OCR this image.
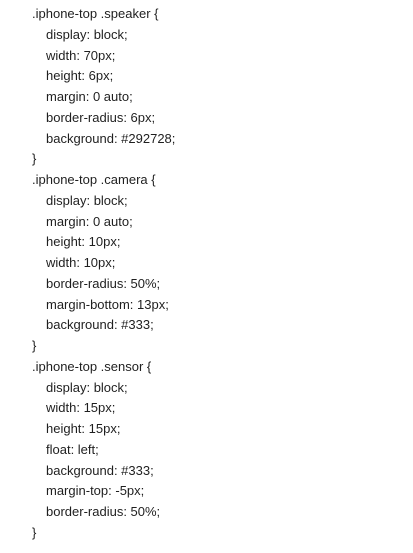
.iphone-top .speaker {
display: block;
width: 70px;
height: 6px;
margin: 0 auto;
border-radius: 6px;
background: #292728;
}
.iphone-top .camera {
display: block;
margin: 0 auto;
height: 10px;
width: 10px;
border-radius: 50%;
margin-bottom: 13px;
background: #333;
}
.iphone-top .sensor {
display: block;
width: 15px;
height: 15px;
float: left;
background: #333;
margin-top: -5px;
border-radius: 50%;
}
